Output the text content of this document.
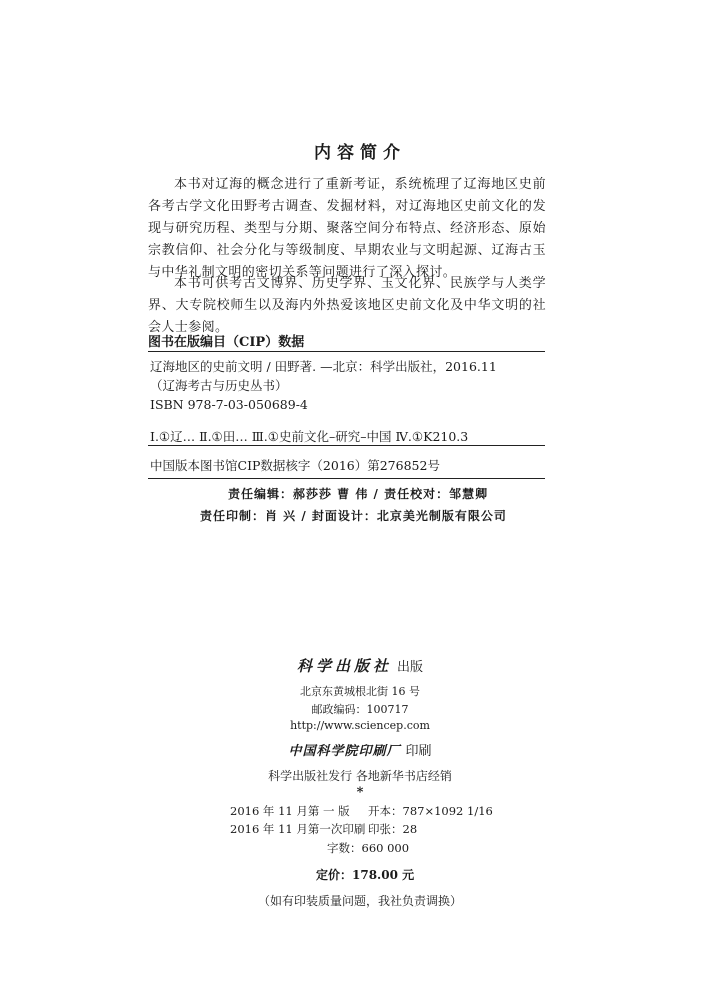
内容简介
本书对辽海的概念进行了重新考证，系统梳理了辽海地区史前各考古学文化田野考古调查、发掘材料，对辽海地区史前文化的发现与研究历程、类型与分期、聚落空间分布特点、经济形态、原始宗教信仰、社会分化与等级制度、早期农业与文明起源、辽海古玉与中华礼制文明的密切关系等问题进行了深入探讨。
本书可供考古文博界、历史学界、玉文化界、民族学与人类学界、大专院校师生以及海内外热爱该地区史前文化及中华文明的社会人士参阅。
图书在版编目（CIP）数据
辽海地区的史前文明 / 田野著. —北京：科学出版社，2016.11
（辽海考古与历史丛书）
ISBN 978-7-03-050689-4
Ⅰ.①辽… Ⅱ.①田… Ⅲ.①史前文化–研究–中国 Ⅳ.①K210.3
中国版本图书馆CIP数据核字（2016）第276852号
责任编辑：郝莎莎 曹 伟 / 责任校对：邹慧卿
责任印制：肖 兴 / 封面设计：北京美光制版有限公司
科学出版社 出版
北京东黄城根北街 16 号
邮政编码：100717
http://www.sciencep.com
中国科学院印刷厂 印刷
科学出版社发行 各地新华书店经销
*
2016 年 11 月第 一 版 开本：787×1092 1/16
2016 年 11 月第一次印刷 印张：28
字数：660 000
定价：178.00 元
（如有印装质量问题，我社负责调换）
